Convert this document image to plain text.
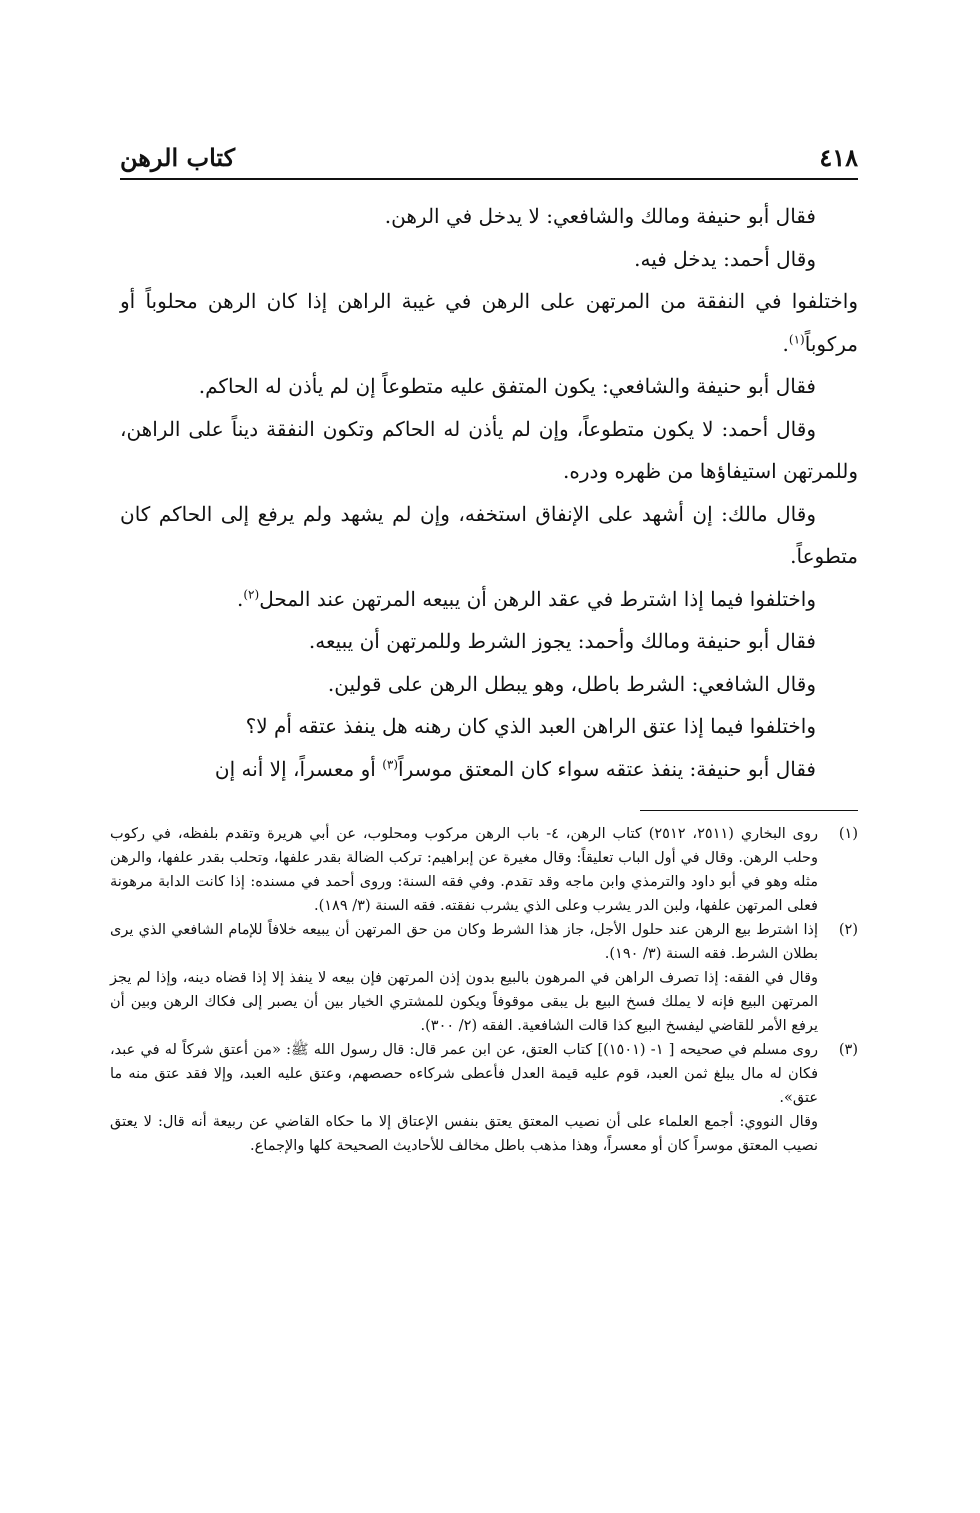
٤١٨
كتاب الرهن

فقال أبو حنيفة ومالك والشافعي: لا يدخل في الرهن.

وقال أحمد: يدخل فيه.

واختلفوا في النفقة من المرتهن على الرهن في غيبة الراهن إذا كان الرهن محلوباً أو مركوباً$^{(١)}$.

فقال أبو حنيفة والشافعي: يكون المتفق عليه متطوعاً إن لم يأذن له الحاكم.

وقال أحمد: لا يكون متطوعاً، وإن لم يأذن له الحاكم وتكون النفقة ديناً على الراهن، وللمرتهن استيفاؤها من ظهره ودره.

وقال مالك: إن أشهد على الإنفاق استخفه، وإن لم يشهد ولم يرفع إلى الحاكم كان متطوعاً.

واختلفوا فيما إذا اشترط في عقد الرهن أن يبيعه المرتهن عند المحل$^{(٢)}$.

فقال أبو حنيفة ومالك وأحمد: يجوز الشرط وللمرتهن أن يبيعه.

وقال الشافعي: الشرط باطل، وهو يبطل الرهن على قولين.

واختلفوا فيما إذا عتق الراهن العبد الذي كان رهنه هل ينفذ عتقه أم لا؟

فقال أبو حنيفة: ينفذ عتقه سواء كان المعتق موسراً$^{(٣)}$ أو معسراً، إلا أنه إن

(١)
روى البخاري (٢٥١١، ٢٥١٢) كتاب الرهن، ٤- باب الرهن مركوب ومحلوب، عن أبي هريرة وتقدم بلفظه، في ركوب وحلب الرهن. وقال في أول الباب تعليقاً: وقال مغيرة عن إبراهيم: تركب الضالة بقدر علفها، وتحلب بقدر علفها، والرهن مثله وهو في أبو داود والترمذي وابن ماجه وقد تقدم. وفي فقه السنة: وروى أحمد في مسنده: إذا كانت الدابة مرهونة فعلى المرتهن علفها، ولبن الدر يشرب وعلى الذي يشرب نفقته. فقه السنة (٣/ ١٨٩).
(٢)
إذا اشترط بيع الرهن عند حلول الأجل، جاز هذا الشرط وكان من حق المرتهن أن يبيعه خلافاً للإمام الشافعي الذي يرى بطلان الشرط. فقه السنة (٣/ ١٩٠).
وقال في الفقه: إذا تصرف الراهن في المرهون بالبيع بدون إذن المرتهن فإن بيعه لا ينفذ إلا إذا قضاه دينه، وإذا لم يجز المرتهن البيع فإنه لا يملك فسخ البيع بل يبقى موقوفاً ويكون للمشتري الخيار بين أن يصبر إلى فكاك الرهن وبين أن يرفع الأمر للقاضي ليفسخ البيع كذا قالت الشافعية. الفقه (٢/ ٣٠٠).
(٣)
روى مسلم في صحيحه [ ١- (١٥٠١)] كتاب العتق، عن ابن عمر قال: قال رسول الله ﷺ: «من أعتق شركاً له في عبد، فكان له مال يبلغ ثمن العبد، قوم عليه قيمة العدل فأعطى شركاءه حصصهم، وعتق عليه العبد، وإلا فقد عتق منه ما عتق».
وقال النووي: أجمع العلماء على أن نصيب المعتق يعتق بنفس الإعتاق إلا ما حكاه القاضي عن ربيعة أنه قال: لا يعتق نصيب المعتق موسراً كان أو معسراً، وهذا مذهب باطل مخالف للأحاديث الصحيحة كلها والإجماع.
